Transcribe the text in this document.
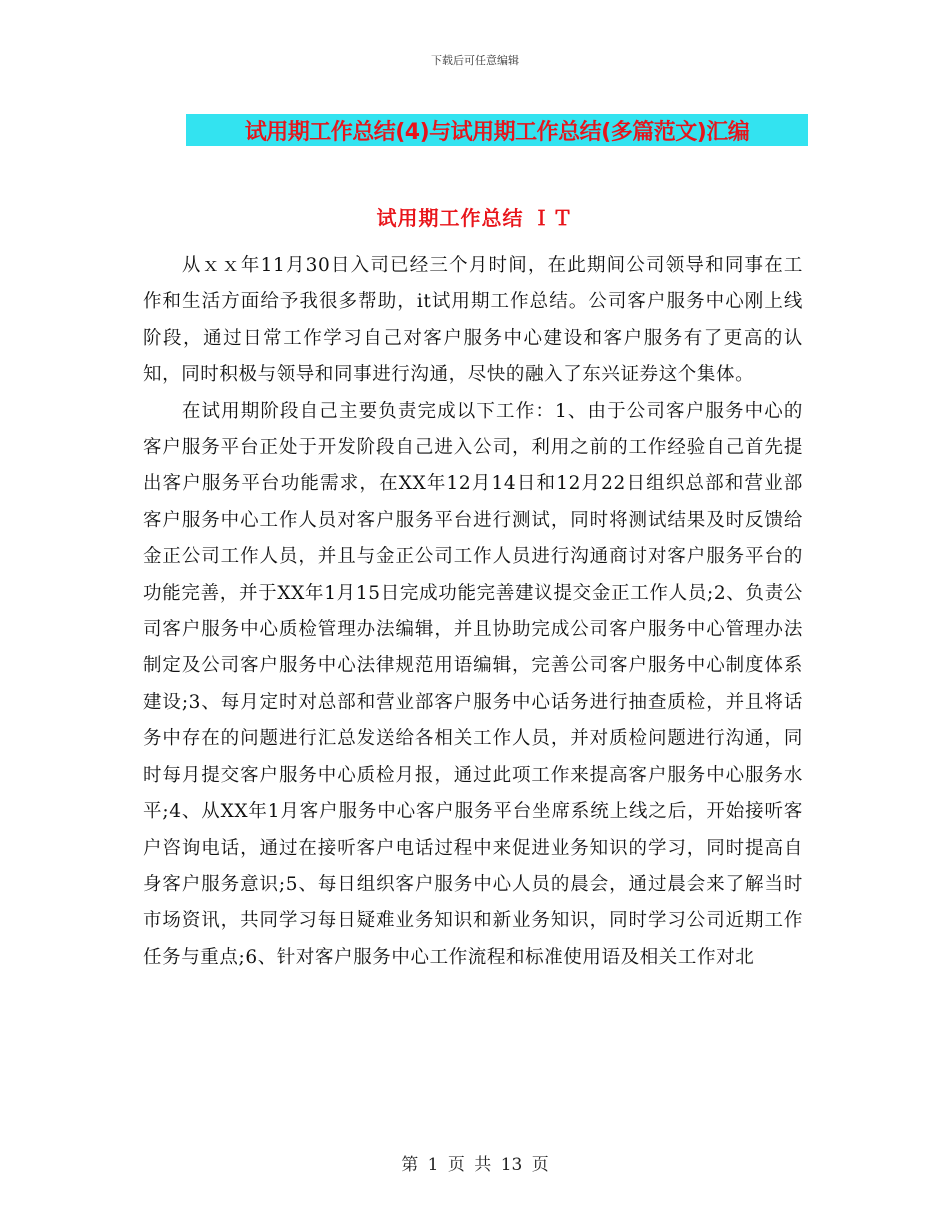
下载后可任意编辑
试用期工作总结(4)与试用期工作总结(多篇范文)汇编
试用期工作总结 ＩＴ

从ｘｘ年11月30日入司已经三个月时间，在此期间公司领导和同事在工作和生活方面给予我很多帮助，it试用期工作总结。公司客户服务中心刚上线阶段，通过日常工作学习自己对客户服务中心建设和客户服务有了更高的认知，同时积极与领导和同事进行沟通，尽快的融入了东兴证券这个集体。

在试用期阶段自己主要负责完成以下工作：1、由于公司客户服务中心的客户服务平台正处于开发阶段自己进入公司，利用之前的工作经验自己首先提出客户服务平台功能需求，在XX年12月14日和12月22日组织总部和营业部客户服务中心工作人员对客户服务平台进行测试，同时将测试结果及时反馈给金正公司工作人员，并且与金正公司工作人员进行沟通商讨对客户服务平台的功能完善，并于XX年1月15日完成功能完善建议提交金正工作人员;2、负责公司客户服务中心质检管理办法编辑，并且协助完成公司客户服务中心管理办法制定及公司客户服务中心法律规范用语编辑，完善公司客户服务中心制度体系建设;3、每月定时对总部和营业部客户服务中心话务进行抽查质检，并且将话务中存在的问题进行汇总发送给各相关工作人员，并对质检问题进行沟通，同时每月提交客户服务中心质检月报，通过此项工作来提高客户服务中心服务水平;4、从XX年1月客户服务中心客户服务平台坐席系统上线之后，开始接听客户咨询电话，通过在接听客户电话过程中来促进业务知识的学习，同时提高自身客户服务意识;5、每日组织客户服务中心人员的晨会，通过晨会来了解当时市场资讯，共同学习每日疑难业务知识和新业务知识，同时学习公司近期工作任务与重点;6、针对客户服务中心工作流程和标准使用语及相关工作对北

第 1 页 共 13 页
